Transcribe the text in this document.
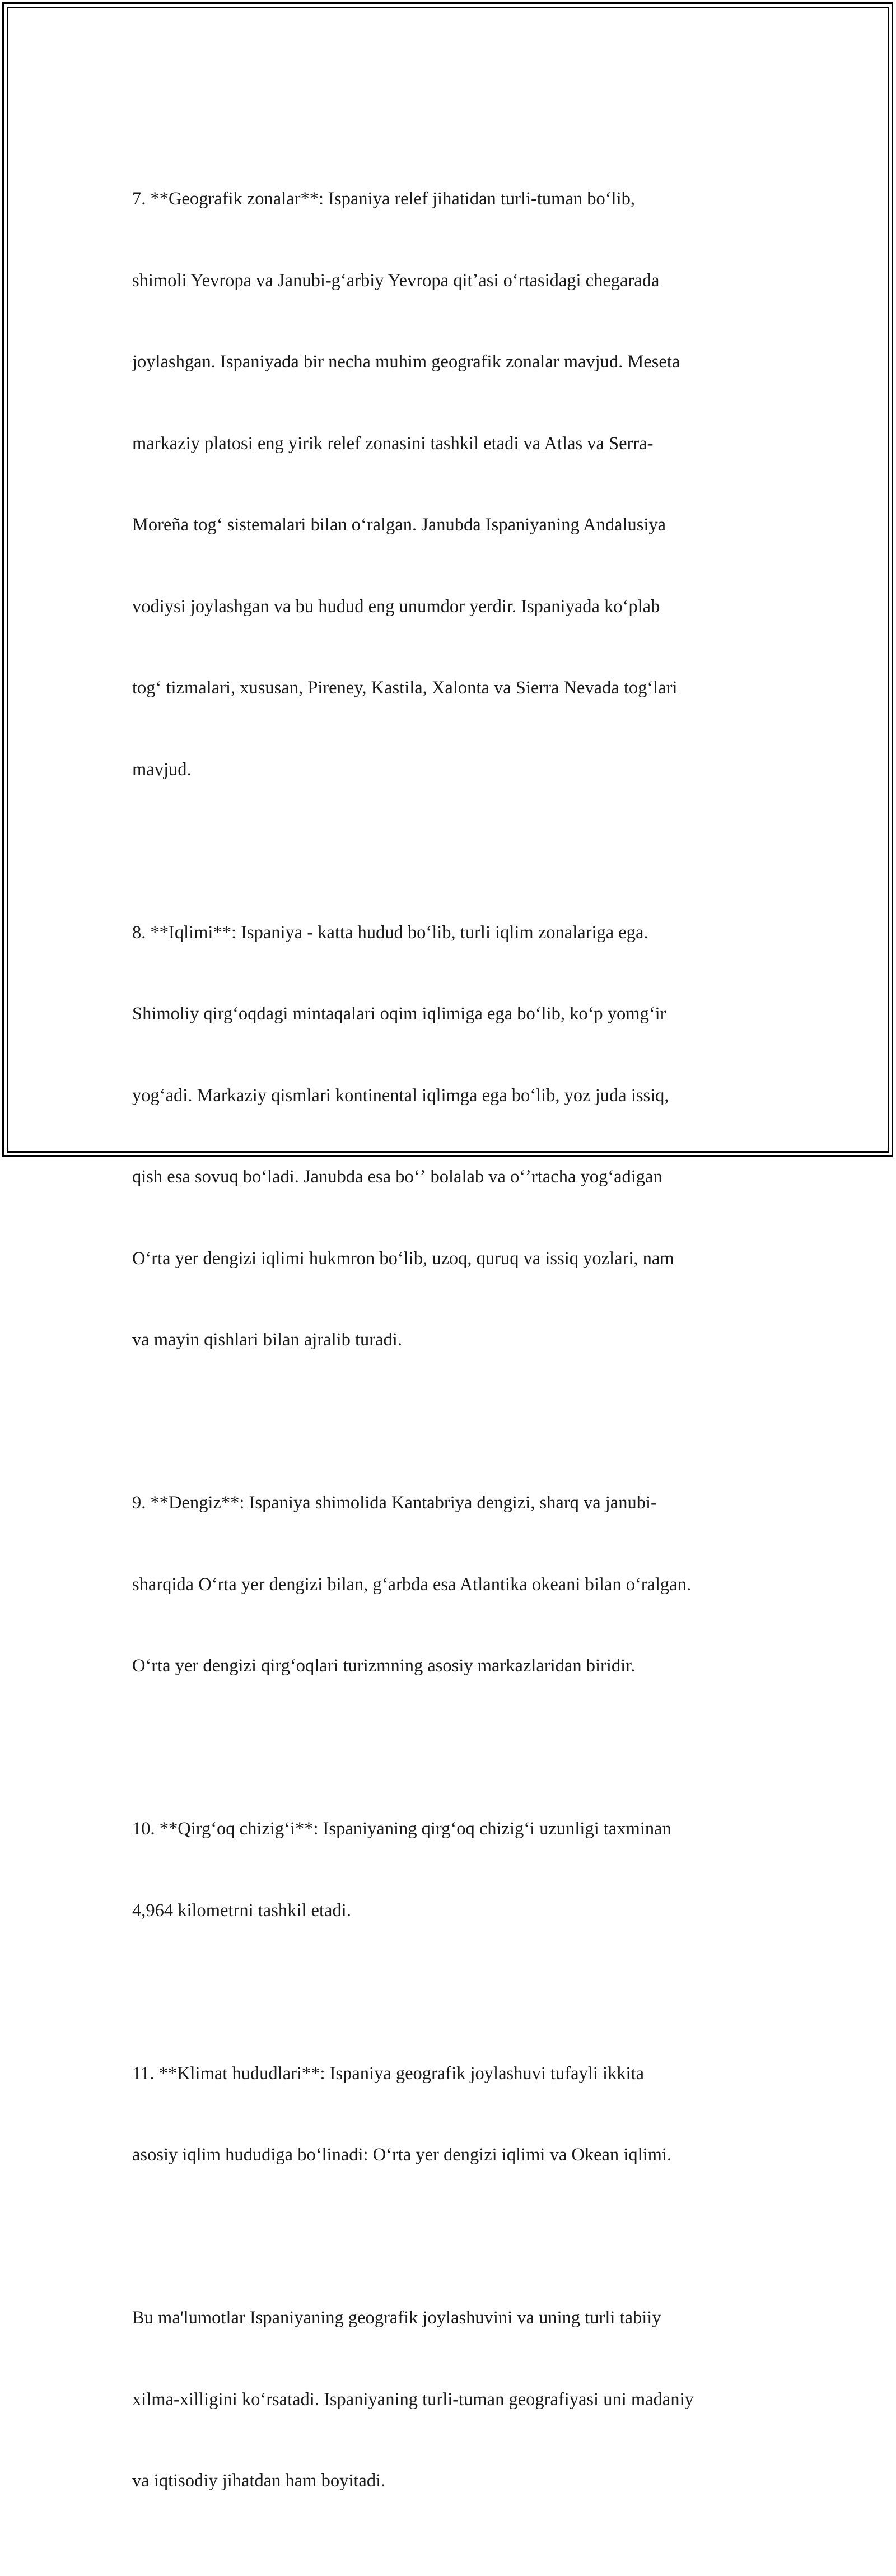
7. **Geografik zonalar**: Ispaniya relef jihatidan turli-tuman boʻlib,

shimoli Yevropa va Janubi-gʻarbiy Yevropa qitʼasi oʻrtasidagi chegarada

joylashgan. Ispaniyada bir necha muhim geografik zonalar mavjud. Meseta

markaziy platosi eng yirik relef zonasini tashkil etadi va Atlas va Serra-

Moreña togʻ sistemalari bilan oʻralgan. Janubda Ispaniyaning Andalusiya

vodiysi joylashgan va bu hudud eng unumdor yerdir. Ispaniyada koʻplab

togʻ tizmalari, xususan, Pireney, Kastila, Xalonta va Sierra Nevada togʻlari

mavjud.

8. **Iqlimi**: Ispaniya - katta hudud boʻlib, turli iqlim zonalariga ega.

Shimoliy qirgʻoqdagi mintaqalari oqim iqlimiga ega boʻlib, koʻp yomgʻir

yogʻadi. Markaziy qismlari kontinental iqlimga ega boʻlib, yoz juda issiq,

qish esa sovuq boʻladi. Janubda esa boʻʼ bolalab va oʻʼrtacha yogʻadigan

Oʻrta yer dengizi iqlimi hukmron boʻlib, uzoq, quruq va issiq yozlari, nam

va mayin qishlari bilan ajralib turadi.

9. **Dengiz**: Ispaniya shimolida Kantabriya dengizi, sharq va janubi-

sharqida Oʻrta yer dengizi bilan, gʻarbda esa Atlantika okeani bilan oʻralgan.

Oʻrta yer dengizi qirgʻoqlari turizmning asosiy markazlaridan biridir.

10. **Qirgʻoq chizigʻi**: Ispaniyaning qirgʻoq chizigʻi uzunligi taxminan

4,964 kilometrni tashkil etadi.

11. **Klimat hududlari**: Ispaniya geografik joylashuvi tufayli ikkita

asosiy iqlim hududiga boʻlinadi: Oʻrta yer dengizi iqlimi va Okean iqlimi.

Bu ma'lumotlar Ispaniyaning geografik joylashuvini va uning turli tabiiy

xilma-xilligini koʻrsatadi. Ispaniyaning turli-tuman geografiyasi uni madaniy

va iqtisodiy jihatdan ham boyitadi.
